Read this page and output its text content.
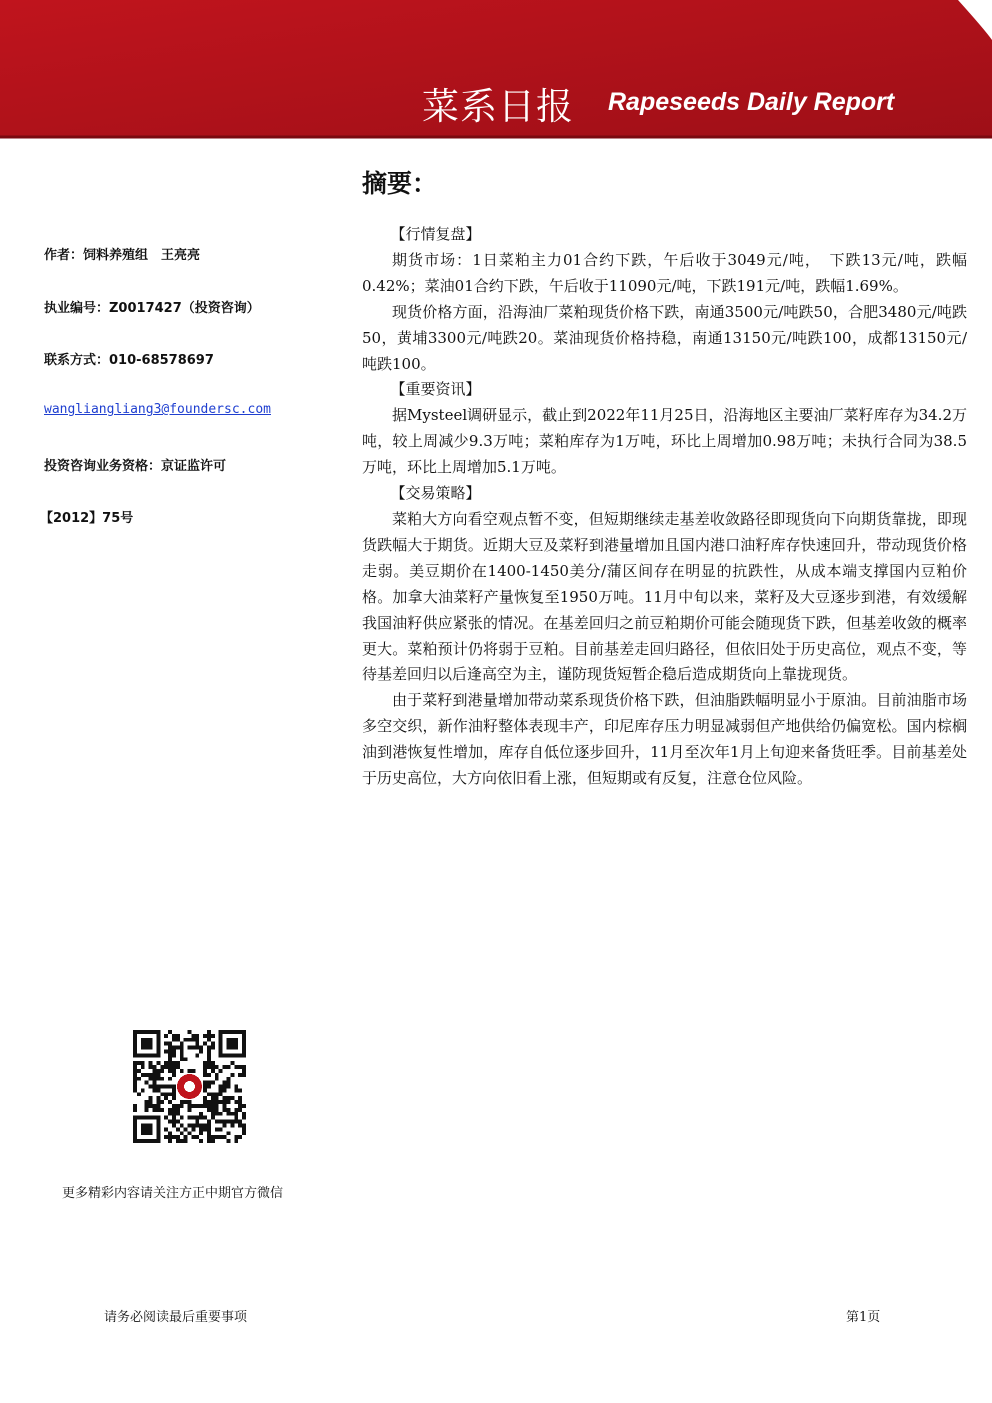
菜系日报 Rapeseeds Daily Report
摘要：
作者：饲料养殖组　王亮亮
执业编号：Z0017427（投资咨询）
联系方式：010-68578697
wangliangliang3@foundersc.com
投资咨询业务资格：京证监许可
【2012】75号

【行情复盘】

期货市场：1日菜粕主力01合约下跌，午后收于3049元/吨，　下跌13元/吨，跌幅0.42%；菜油01合约下跌，午后收于11090元/吨，下跌191元/吨，跌幅1.69%。

现货价格方面，沿海油厂菜粕现货价格下跌，南通3500元/吨跌50，合肥3480元/吨跌50，黄埔3300元/吨跌20。菜油现货价格持稳，南通13150元/吨跌100，成都13150元/吨跌100。

【重要资讯】

据Mysteel调研显示，截止到2022年11月25日，沿海地区主要油厂菜籽库存为34.2万吨，较上周减少9.3万吨；菜粕库存为1万吨，环比上周增加0.98万吨；未执行合同为38.5万吨，环比上周增加5.1万吨。

【交易策略】

菜粕大方向看空观点暂不变，但短期继续走基差收敛路径即现货向下向期货靠拢，即现货跌幅大于期货。近期大豆及菜籽到港量增加且国内港口油籽库存快速回升，带动现货价格走弱。美豆期价在1400-1450美分/蒲区间存在明显的抗跌性，从成本端支撑国内豆粕价格。加拿大油菜籽产量恢复至1950万吨。11月中旬以来，菜籽及大豆逐步到港，有效缓解我国油籽供应紧张的情况。在基差回归之前豆粕期价可能会随现货下跌，但基差收敛的概率更大。菜粕预计仍将弱于豆粕。目前基差走回归路径，但依旧处于历史高位，观点不变，等待基差回归以后逢高空为主，谨防现货短暂企稳后造成期货向上靠拢现货。

由于菜籽到港量增加带动菜系现货价格下跌，但油脂跌幅明显小于原油。目前油脂市场多空交织，新作油籽整体表现丰产，印尼库存压力明显减弱但产地供给仍偏宽松。国内棕榈油到港恢复性增加，库存自低位逐步回升，11月至次年1月上旬迎来备货旺季。目前基差处于历史高位，大方向依旧看上涨，但短期或有反复，注意仓位风险。

更多精彩内容请关注方正中期官方微信
请务必阅读最后重要事项	第1页
